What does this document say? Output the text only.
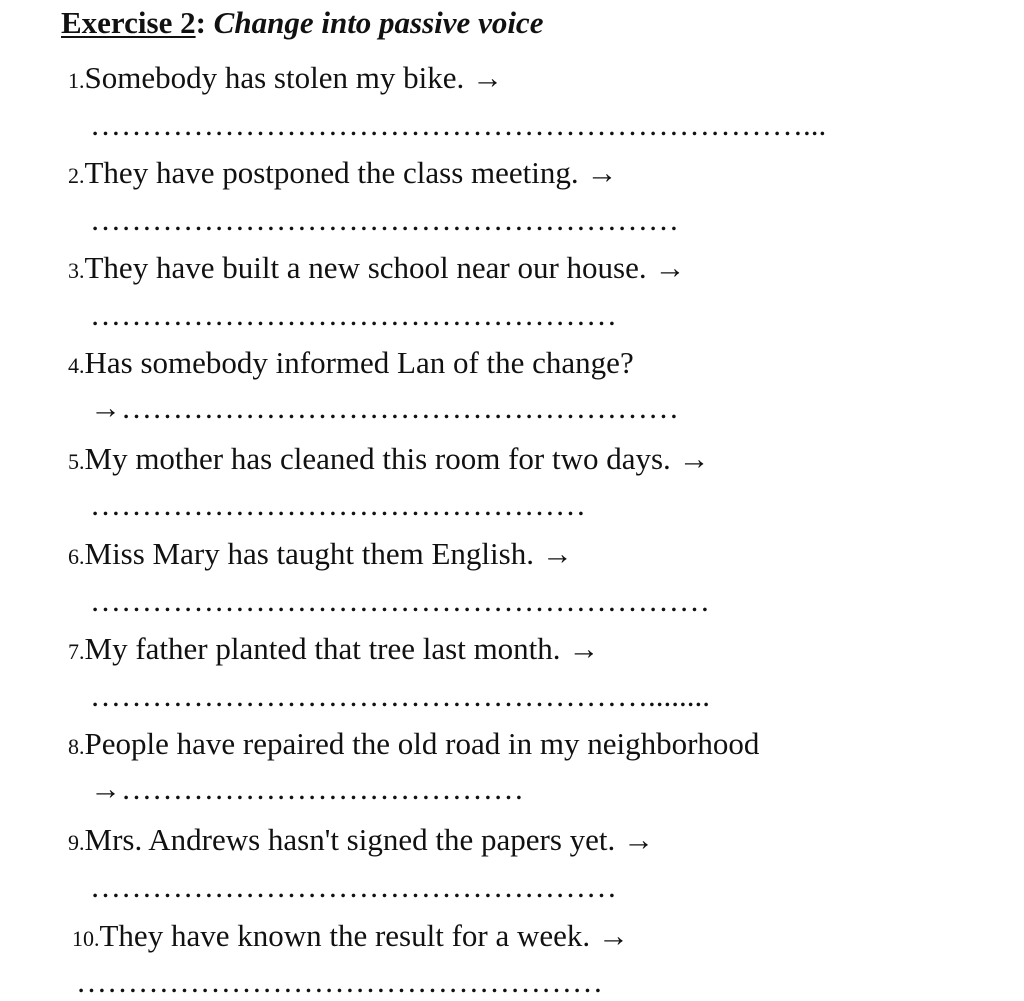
Exercise 2: Change into passive voice
1.Somebody has stolen my bike. →
……………………………………………………………...
2.They have postponed the class meeting. →
…………………………………………………
3.They have built a new school near our house. →
……………………………………………
4.Has somebody informed Lan of the change?
→………………………………………………
5.My mother has cleaned this room for two days. →
…………………………………………
6.Miss Mary has taught them English. →
……………………………………………………
7.My father planted that tree last month. →
………………………………………………........
8.People have repaired the old road in my neighborhood
→…………………………………
9.Mrs. Andrews hasn't signed the papers yet. →
……………………………………………
10.They have known the result for a week. →
……………………………………………
